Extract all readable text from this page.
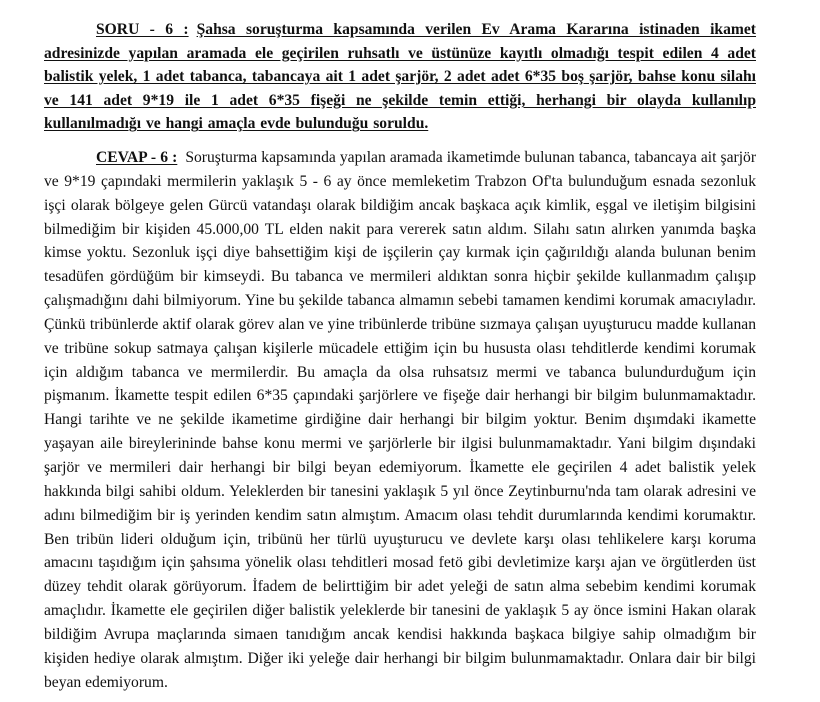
SORU - 6 : Şahsa soruşturma kapsamında verilen Ev Arama Kararına istinaden ikamet adresinizde yapılan aramada ele geçirilen ruhsatlı ve üstünüze kayıtlı olmadığı tespit edilen 4 adet balistik yelek, 1 adet tabanca, tabancaya ait 1 adet şarjör, 2 adet adet 6*35 boş şarjör, bahse konu silahı ve 141 adet 9*19 ile 1 adet 6*35 fişeği ne şekilde temin ettiği, herhangi bir olayda kullanılıp kullanılmadığı ve hangi amaçla evde bulunduğu soruldu.

CEVAP - 6 : Soruşturma kapsamında yapılan aramada ikametimde bulunan tabanca, tabancaya ait şarjör ve 9*19 çapındaki mermilerin yaklaşık 5 - 6 ay önce memleketim Trabzon Of'ta bulunduğum esnada sezonluk işçi olarak bölgeye gelen Gürcü vatandaşı olarak bildiğim ancak başkaca açık kimlik, eşgal ve iletişim bilgisini bilmediğim bir kişiden 45.000,00 TL elden nakit para vererek satın aldım. Silahı satın alırken yanımda başka kimse yoktu. Sezonluk işçi diye bahsettiğim kişi de işçilerin çay kırmak için çağırıldığı alanda bulunan benim tesadüfen gördüğüm bir kimseydi. Bu tabanca ve mermileri aldıktan sonra hiçbir şekilde kullanmadım çalışıp çalışmadığını dahi bilmiyorum. Yine bu şekilde tabanca almamın sebebi tamamen kendimi korumak amacıyladır. Çünkü tribünlerde aktif olarak görev alan ve yine tribünlerde tribüne sızmaya çalışan uyuşturucu madde kullanan ve tribüne sokup satmaya çalışan kişilerle mücadele ettiğim için bu hususta olası tehditlerde kendimi korumak için aldığım tabanca ve mermilerdir. Bu amaçla da olsa ruhsatsız mermi ve tabanca bulundurduğum için pişmanım. İkamette tespit edilen 6*35 çapındaki şarjörlere ve fişeğe dair herhangi bir bilgim bulunmamaktadır. Hangi tarihte ve ne şekilde ikametime girdiğine dair herhangi bir bilgim yoktur. Benim dışımdaki ikamette yaşayan aile bireylerininde bahse konu mermi ve şarjörlerle bir ilgisi bulunmamaktadır. Yani bilgim dışındaki şarjör ve mermileri dair herhangi bir bilgi beyan edemiyorum. İkamette ele geçirilen 4 adet balistik yelek hakkında bilgi sahibi oldum. Yeleklerden bir tanesini yaklaşık 5 yıl önce Zeytinburnu'nda tam olarak adresini ve adını bilmediğim bir iş yerinden kendim satın almıştım. Amacım olası tehdit durumlarında kendimi korumaktır. Ben tribün lideri olduğum için, tribünü her türlü uyuşturucu ve devlete karşı olası tehlikelere karşı koruma amacını taşıdığım için şahsıma yönelik olası tehditleri mosad fetö gibi devletimize karşı ajan ve örgütlerden üst düzey tehdit olarak görüyorum. İfadem de belirttiğim bir adet yeleği de satın alma sebebim kendimi korumak amaçlıdır. İkamette ele geçirilen diğer balistik yeleklerde bir tanesini de yaklaşık 5 ay önce ismini Hakan olarak bildiğim Avrupa maçlarında simaen tanıdığım ancak kendisi hakkında başkaca bilgiye sahip olmadığım bir kişiden hediye olarak almıştım. Diğer iki yeleğe dair herhangi bir bilgim bulunmamaktadır. Onlara dair bir bilgi beyan edemiyorum.
